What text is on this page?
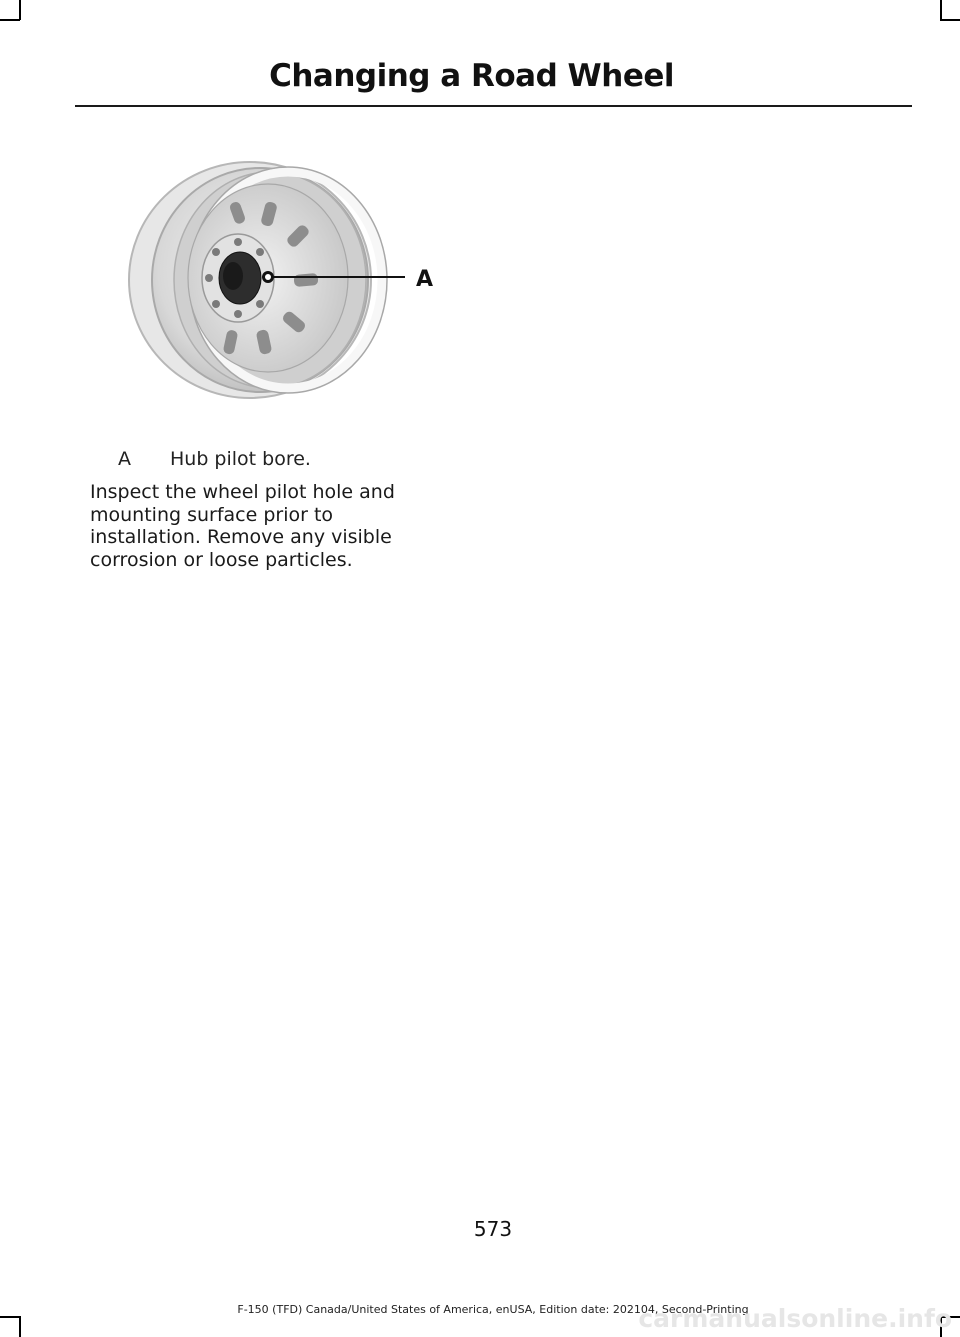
Changing a Road Wheel
A
A Hub pilot bore.

Inspect the wheel pilot hole and mounting surface prior to installation. Remove any visible corrosion or loose particles.

573
F-150 (TFD) Canada/United States of America, enUSA, Edition date: 202104, Second-Printing
carmanualsonline.info
